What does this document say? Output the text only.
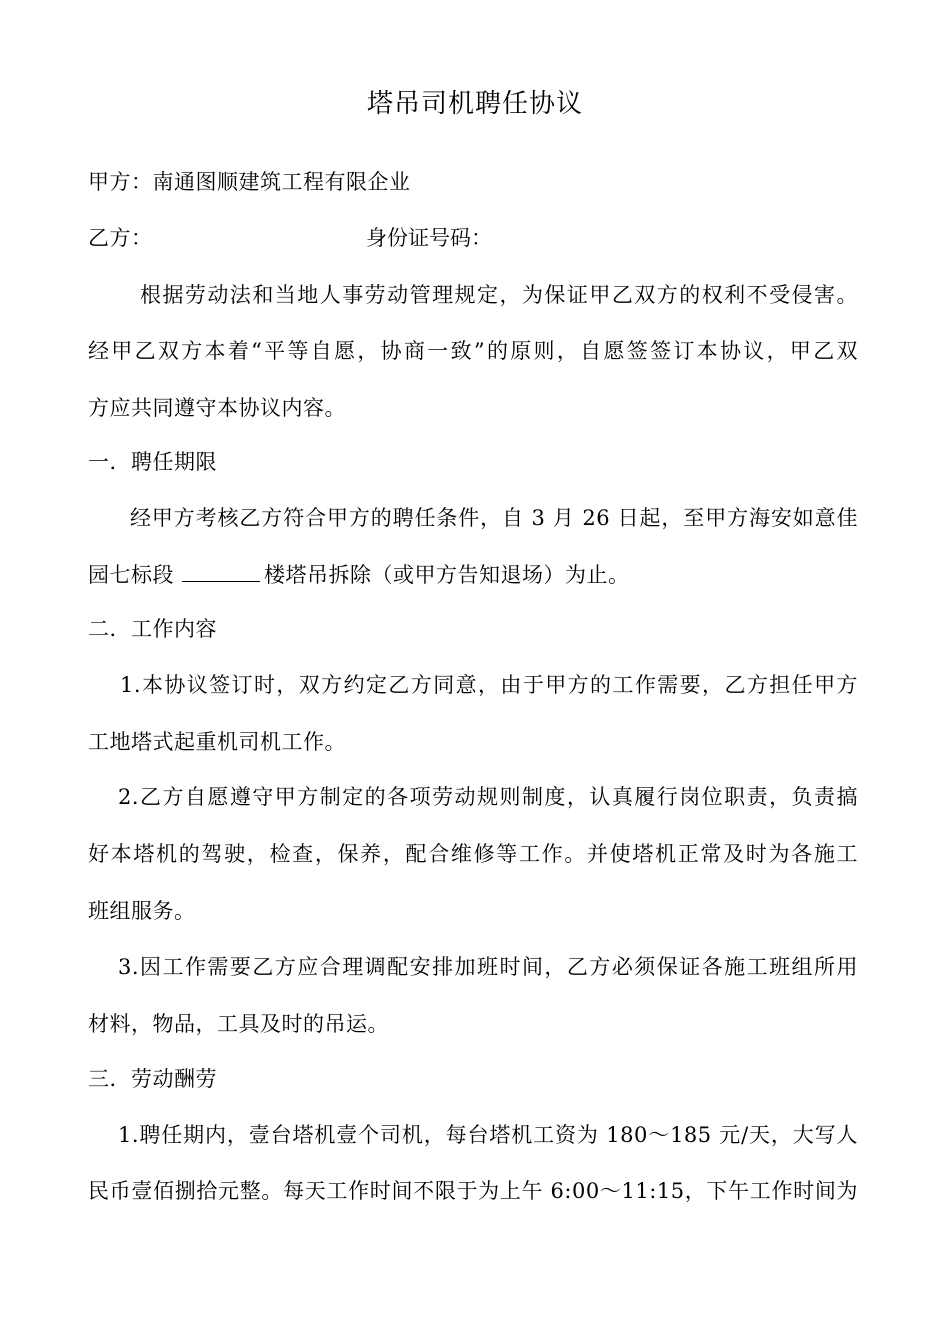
塔吊司机聘任协议
甲方：南通图顺建筑工程有限企业
乙方：	身份证号码：
根据劳动法和当地人事劳动管理规定，为保证甲乙双方的权利不受侵害。
经甲乙双方本着“平等自愿，协商一致”的原则，自愿签签订本协议，甲乙双
方应共同遵守本协议内容。
一．聘任期限
经甲方考核乙方符合甲方的聘任条件，自 3 月 26 日起，至甲方海安如意佳
园七标段	楼塔吊拆除（或甲方告知退场）为止。
二．工作内容
1.本协议签订时，双方约定乙方同意，由于甲方的工作需要，乙方担任甲方
工地塔式起重机司机工作。
2.乙方自愿遵守甲方制定的各项劳动规则制度，认真履行岗位职责，负责搞
好本塔机的驾驶，检查，保养，配合维修等工作。并使塔机正常及时为各施工
班组服务。
3.因工作需要乙方应合理调配安排加班时间，乙方必须保证各施工班组所用
材料，物品，工具及时的吊运。
三．劳动酬劳
1.聘任期内，壹台塔机壹个司机，每台塔机工资为 180～185 元/天，大写人
民币壹佰捌拾元整。每天工作时间不限于为上午 6:00～11:15，下午工作时间为
